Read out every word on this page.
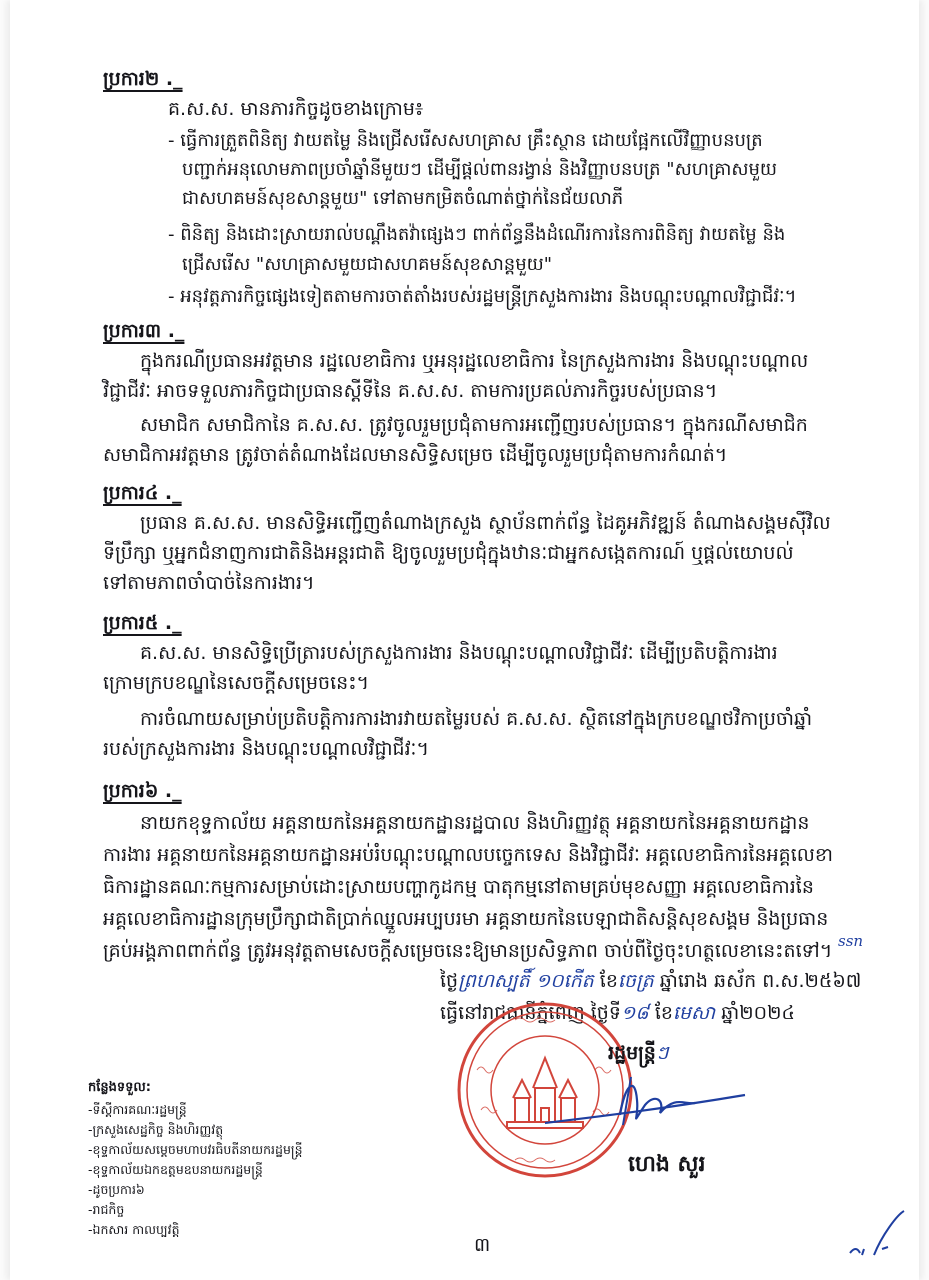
ប្រការ២ ._
គ.ស.ស. មានភារកិច្ចដូចខាងក្រោម៖
- ធ្វើការត្រួតពិនិត្យ វាយតម្លៃ និងជ្រើសរើសសហគ្រាស គ្រឹះស្ថាន ដោយផ្អែកលើវិញ្ញាបនបត្រ
បញ្ជាក់អនុលោមភាពប្រចាំឆ្នាំនីមួយៗ ដើម្បីផ្តល់ពានរង្វាន់ និងវិញ្ញាបនបត្រ "សហគ្រាសមួយ
ជាសហគមន៍សុខសាន្តមួយ" ទៅតាមកម្រិតចំណាត់ថ្នាក់នៃជ័យលាភី
- ពិនិត្យ និងដោះស្រាយរាល់បណ្តឹងតវ៉ាផ្សេងៗ ពាក់ព័ន្ធនឹងដំណើរការនៃការពិនិត្យ វាយតម្លៃ និង
ជ្រើសរើស "សហគ្រាសមួយជាសហគមន៍សុខសាន្តមួយ"
- អនុវត្តភារកិច្ចផ្សេងទៀតតាមការចាត់តាំងរបស់រដ្ឋមន្ត្រីក្រសួងការងារ និងបណ្តុះបណ្តាលវិជ្ជាជីវៈ។
ប្រការ៣ ._
ក្នុងករណីប្រធានអវត្តមាន រដ្ឋលេខាធិការ ឬអនុរដ្ឋលេខាធិការ នៃក្រសួងការងារ និងបណ្តុះបណ្តាល
វិជ្ជាជីវៈ អាចទទួលភារកិច្ចជាប្រធានស្តីទីនៃ គ.ស.ស. តាមការប្រគល់ភារកិច្ចរបស់ប្រធាន។
សមាជិក សមាជិកានៃ គ.ស.ស. ត្រូវចូលរួមប្រជុំតាមការអញ្ជើញរបស់ប្រធាន។ ក្នុងករណីសមាជិក
សមាជិកាអវត្តមាន ត្រូវចាត់តំណាងដែលមានសិទ្ធិសម្រេច ដើម្បីចូលរួមប្រជុំតាមការកំណត់។
ប្រការ៤ ._
ប្រធាន គ.ស.ស. មានសិទ្ធិអញ្ជើញតំណាងក្រសួង ស្ថាប័នពាក់ព័ន្ធ ដៃគូអភិវឌ្ឍន៍ តំណាងសង្គមស៊ីវិល
ទីប្រឹក្សា ឬអ្នកជំនាញការជាតិនិងអន្តរជាតិ ឱ្យចូលរួមប្រជុំក្នុងឋានៈជាអ្នកសង្កេតការណ៍ ឬផ្តល់យោបល់
ទៅតាមភាពចាំបាច់នៃការងារ។
ប្រការ៥ ._
គ.ស.ស. មានសិទ្ធិប្រើត្រារបស់ក្រសួងការងារ និងបណ្តុះបណ្តាលវិជ្ជាជីវៈ ដើម្បីប្រតិបត្តិការងារ
ក្រោមក្របខណ្ឌនៃសេចក្តីសម្រេចនេះ។
ការចំណាយសម្រាប់ប្រតិបត្តិការការងារវាយតម្លៃរបស់ គ.ស.ស. ស្ថិតនៅក្នុងក្របខណ្ឌថវិកាប្រចាំឆ្នាំ
របស់ក្រសួងការងារ និងបណ្តុះបណ្តាលវិជ្ជាជីវៈ។
ប្រការ៦ ._
នាយកខុទ្ទកាល័យ អគ្គនាយកនៃអគ្គនាយកដ្ឋានរដ្ឋបាល និងហិរញ្ញវត្ថុ អគ្គនាយកនៃអគ្គនាយកដ្ឋាន
ការងារ អគ្គនាយកនៃអគ្គនាយកដ្ឋានអប់រំបណ្តុះបណ្តាលបច្ចេកទេស និងវិជ្ជាជីវៈ អគ្គលេខាធិការនៃអគ្គលេខា
ធិការដ្ឋានគណៈកម្មការសម្រាប់ដោះស្រាយបញ្ហាកូដកម្ម បាតុកម្មនៅតាមគ្រប់មុខសញ្ញា អគ្គលេខាធិការនៃ
អគ្គលេខាធិការដ្ឋានក្រុមប្រឹក្សាជាតិប្រាក់ឈ្នួលអប្បបរមា អគ្គនាយកនៃបេឡាជាតិសន្តិសុខសង្គម និងប្រធាន
គ្រប់អង្គភាពពាក់ព័ន្ធ ត្រូវអនុវត្តតាមសេចក្តីសម្រេចនេះឱ្យមានប្រសិទ្ធភាព ចាប់ពីថ្ងៃចុះហត្ថលេខានេះតទៅ។ ssn
ថ្ងៃព្រហស្បតិ៍ ១០កើត ខែចេត្រ ឆ្នាំរោង ឆស័ក ព.ស.២៥៦៧
ធ្វើនៅរាជធានីភ្នំពេញ ថ្ងៃទី១៨ ខែមេសា ឆ្នាំ២០២៤
រដ្ឋមន្ត្រីៗ
ហេង សួរ
កន្លែងទទួល:
-ទីស្តីការគណៈរដ្ឋមន្ត្រី
-ក្រសួងសេដ្ឋកិច្ច និងហិរញ្ញវត្ថុ
-ខុទ្ទកាល័យសម្តេចមហាបវរធិបតីនាយករដ្ឋមន្ត្រី
-ខុទ្ទកាល័យឯកឧត្តមឧបនាយករដ្ឋមន្ត្រី
-ដូចប្រការ៦
-រាជកិច្ច
-ឯកសារ កាលប្បវត្តិ
៣
